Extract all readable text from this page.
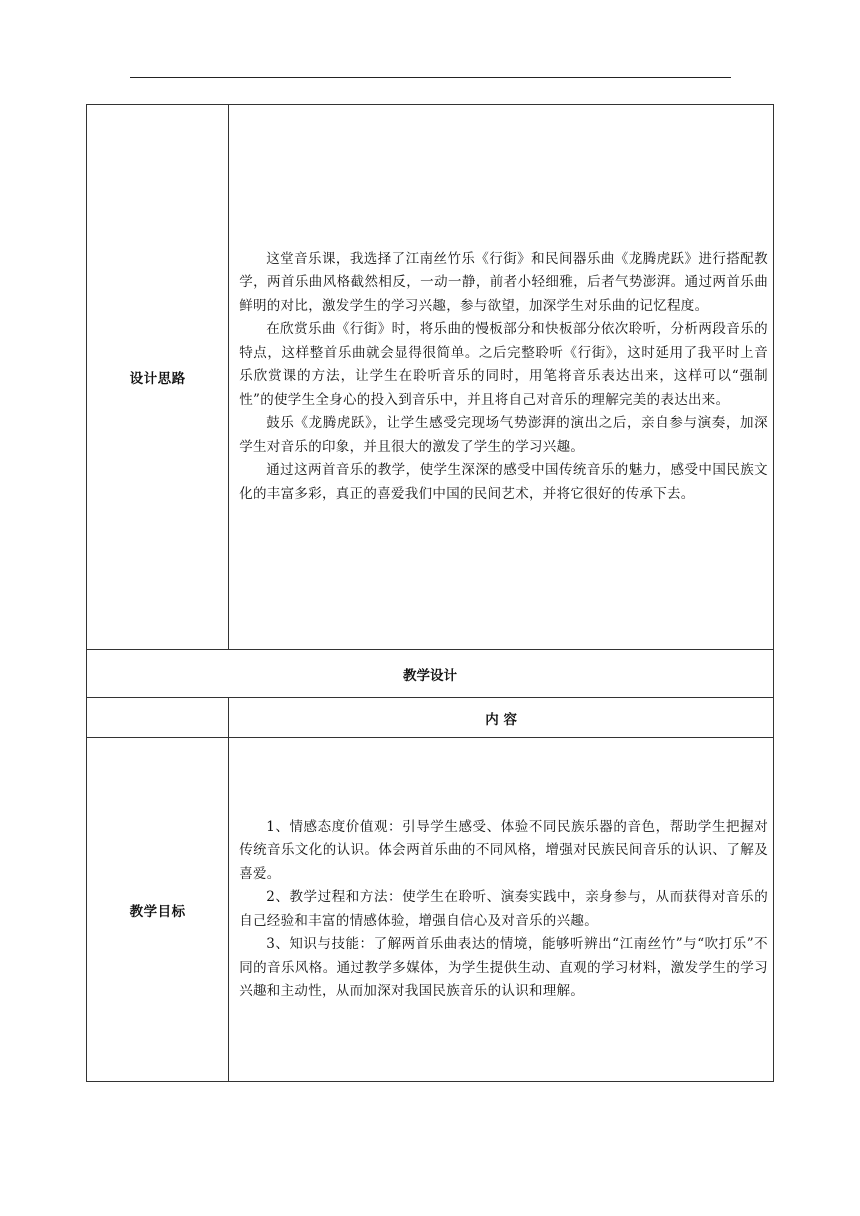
设计思路	这堂音乐课，我选择了江南丝竹乐《行街》和民间器乐曲《龙腾虎跃》进行搭配教学，两首乐曲风格截然相反，一动一静，前者小轻细雅，后者气势澎湃。通过两首乐曲鲜明的对比，激发学生的学习兴趣，参与欲望，加深学生对乐曲的记忆程度。

在欣赏乐曲《行街》时，将乐曲的慢板部分和快板部分依次聆听，分析两段音乐的特点，这样整首乐曲就会显得很简单。之后完整聆听《行街》，这时延用了我平时上音乐欣赏课的方法，让学生在聆听音乐的同时，用笔将音乐表达出来，这样可以“强制性”的使学生全身心的投入到音乐中，并且将自己对音乐的理解完美的表达出来。

鼓乐《龙腾虎跃》，让学生感受完现场气势澎湃的演出之后，亲自参与演奏，加深学生对音乐的印象，并且很大的激发了学生的学习兴趣。

通过这两首音乐的教学，使学生深深的感受中国传统音乐的魅力，感受中国民族文化的丰富多彩，真正的喜爱我们中国的民间艺术，并将它很好的传承下去。

教学设计	
	内 容
教学目标	1、情感态度价值观：引导学生感受、体验不同民族乐器的音色，帮助学生把握对传统音乐文化的认识。体会两首乐曲的不同风格，增强对民族民间音乐的认识、了解及喜爱。

2、教学过程和方法：使学生在聆听、演奏实践中，亲身参与，从而获得对音乐的自己经验和丰富的情感体验，增强自信心及对音乐的兴趣。

3、知识与技能：了解两首乐曲表达的情境，能够听辨出“江南丝竹”与“吹打乐”不同的音乐风格。通过教学多媒体，为学生提供生动、直观的学习材料，激发学生的学习兴趣和主动性，从而加深对我国民族音乐的认识和理解。
